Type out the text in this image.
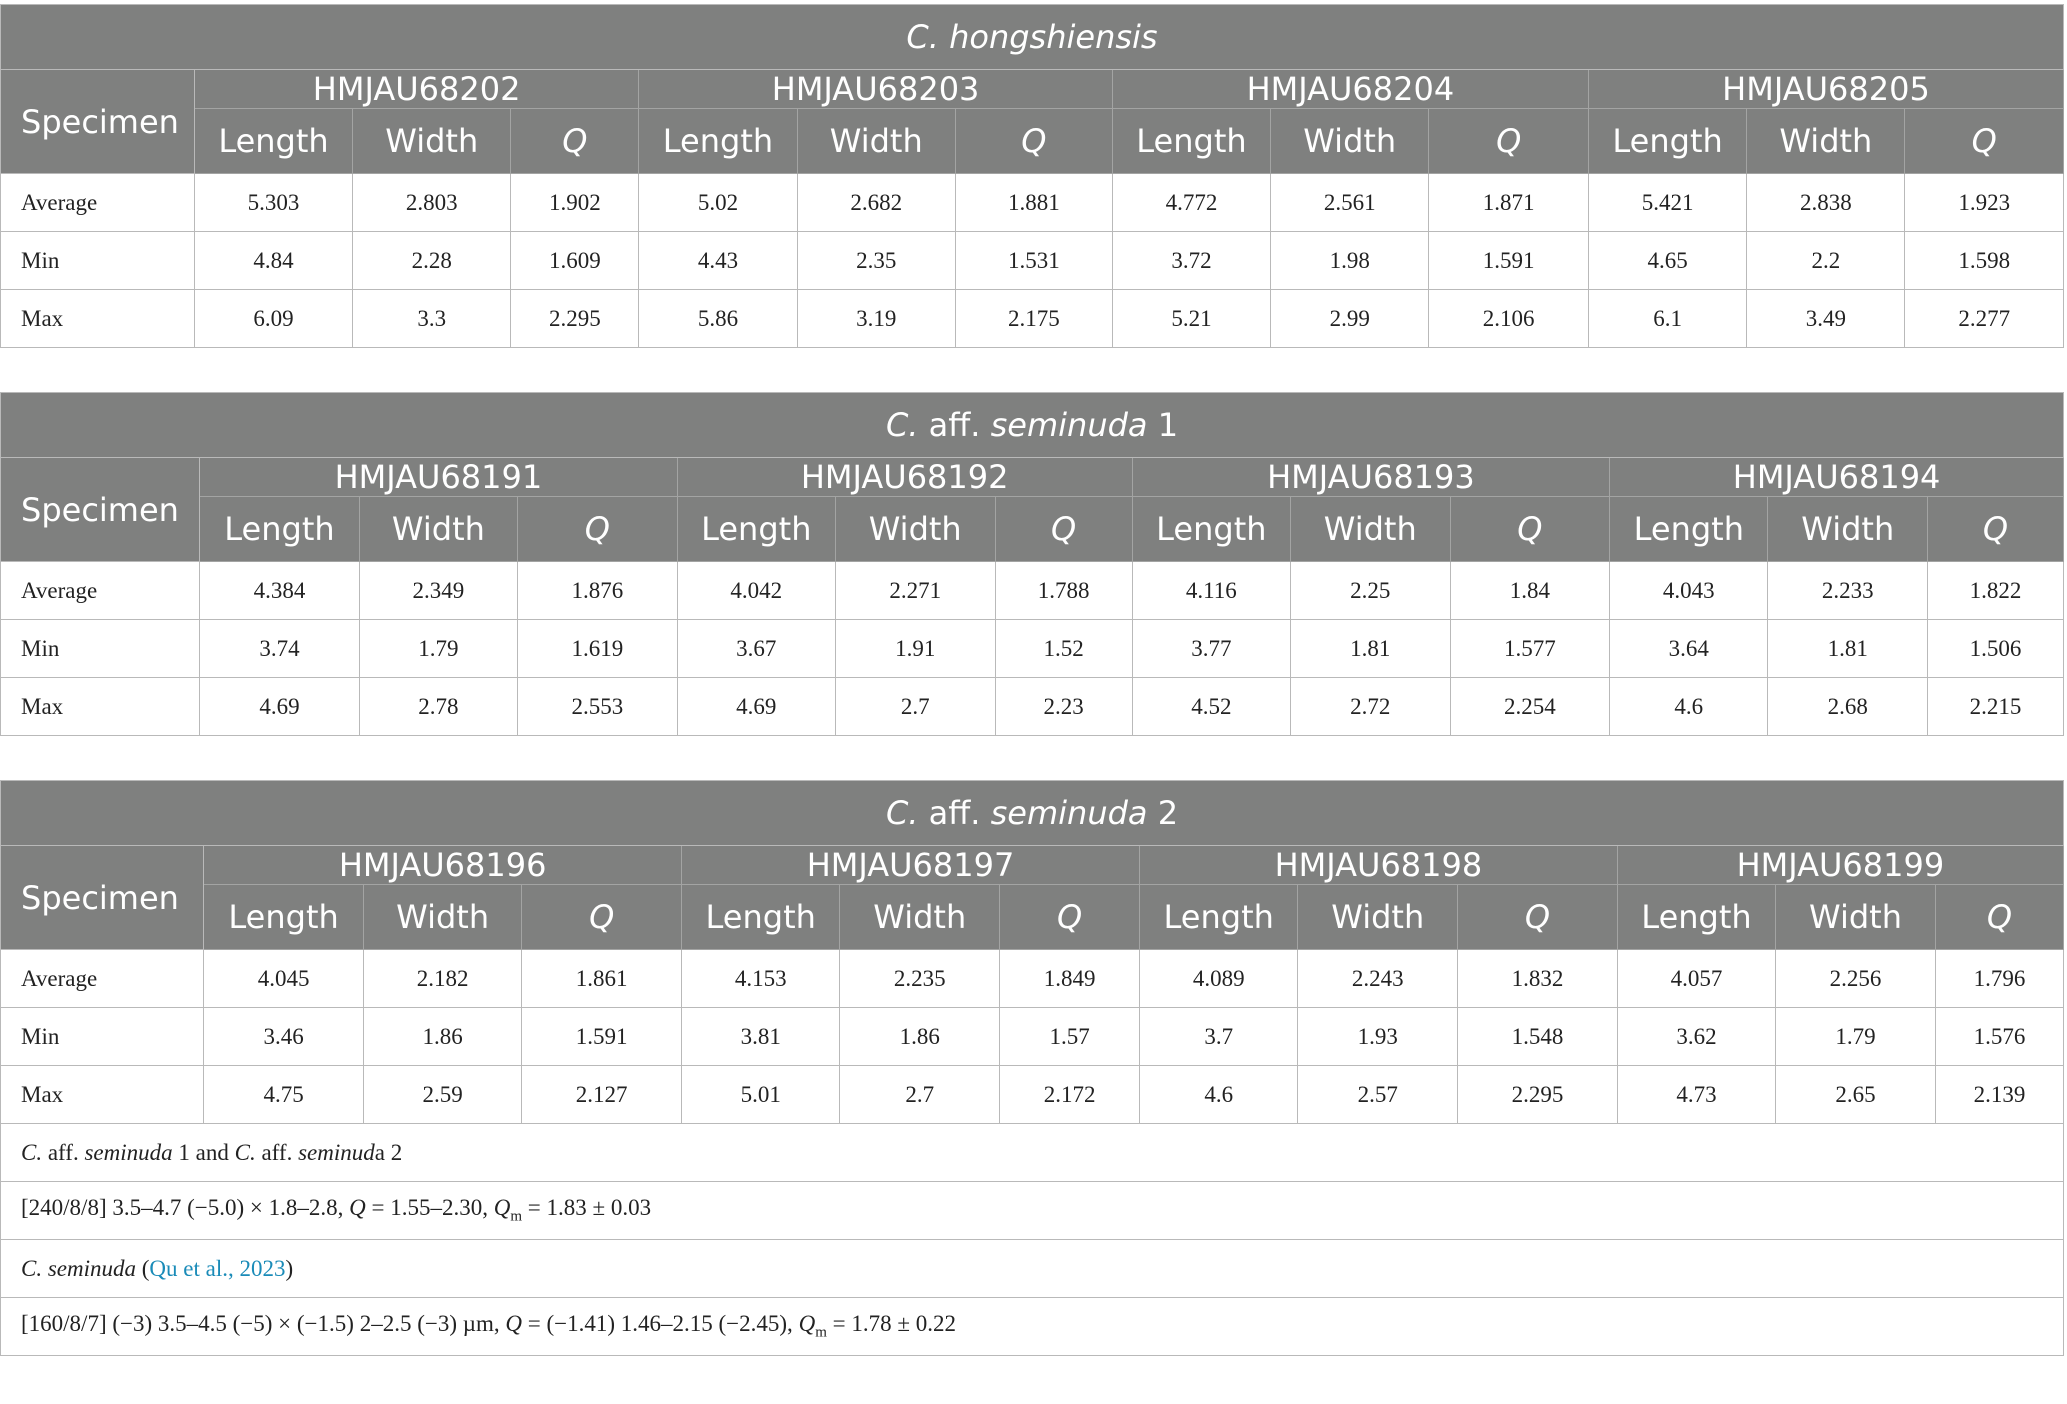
C. hongshiensis												
Specimen	HMJAU68202			HMJAU68203			HMJAU68204			HMJAU68205		
	Length	Width	Q	Length	Width	Q	Length	Width	Q	Length	Width	Q
Average	5.303	2.803	1.902	5.02	2.682	1.881	4.772	2.561	1.871	5.421	2.838	1.923
Min	4.84	2.28	1.609	4.43	2.35	1.531	3.72	1.98	1.591	4.65	2.2	1.598
Max	6.09	3.3	2.295	5.86	3.19	2.175	5.21	2.99	2.106	6.1	3.49	2.277
C. aff. seminuda 1												
Specimen	HMJAU68191			HMJAU68192			HMJAU68193			HMJAU68194		
	Length	Width	Q	Length	Width	Q	Length	Width	Q	Length	Width	Q
Average	4.384	2.349	1.876	4.042	2.271	1.788	4.116	2.25	1.84	4.043	2.233	1.822
Min	3.74	1.79	1.619	3.67	1.91	1.52	3.77	1.81	1.577	3.64	1.81	1.506
Max	4.69	2.78	2.553	4.69	2.7	2.23	4.52	2.72	2.254	4.6	2.68	2.215
C. aff. seminuda 2												
Specimen	HMJAU68196			HMJAU68197			HMJAU68198			HMJAU68199		
	Length	Width	Q	Length	Width	Q	Length	Width	Q	Length	Width	Q
Average	4.045	2.182	1.861	4.153	2.235	1.849	4.089	2.243	1.832	4.057	2.256	1.796
Min	3.46	1.86	1.591	3.81	1.86	1.57	3.7	1.93	1.548	3.62	1.79	1.576
Max	4.75	2.59	2.127	5.01	2.7	2.172	4.6	2.57	2.295	4.73	2.65	2.139
C. aff. seminuda 1 and C. aff. seminuda 2												
[240/8/8] 3.5–4.7 (−5.0) × 1.8–2.8, Q = 1.55–2.30, $Q_m = 1.83 \pm 0.03$												
C. seminuda (Qu et al., 2023)												
[160/8/7] (−3) 3.5–4.5 (−5) × (−1.5) 2–2.5 (−3) µm, Q = (−1.41) 1.46–2.15 (−2.45), $Q_m = 1.78 \pm 0.22$												
